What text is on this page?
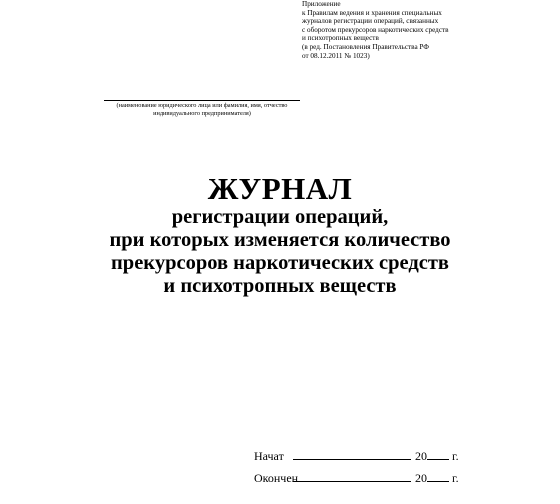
Приложение
к Правилам ведения и хранения специальных
журналов регистрации операций, связанных
с оборотом прекурсоров наркотических средств
и психотропных веществ
(в ред. Постановления Правительства РФ
от 08.12.2011 № 1023)
(наименование юридического лица или фамилия, имя, отчество
индивидуального предпринимателя)
ЖУРНАЛ
регистрации операций,
при которых изменяется количество
прекурсоров наркотических средств
и психотропных веществ
Начат	20 г.
Окончен	20 г.
